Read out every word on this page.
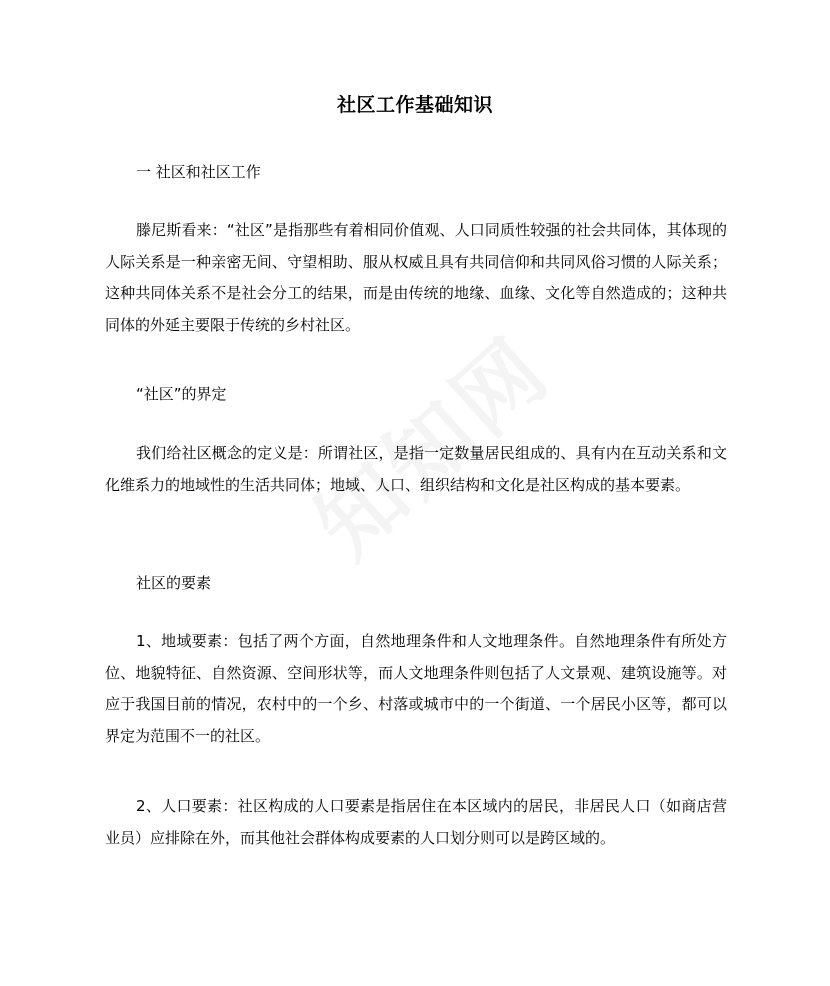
社区工作基础知识
一 社区和社区工作

滕尼斯看来：“社区”是指那些有着相同价值观、人口同质性较强的社会共同体，其体现的人际关系是一种亲密无间、守望相助、服从权威且具有共同信仰和共同风俗习惯的人际关系；这种共同体关系不是社会分工的结果，而是由传统的地缘、血缘、文化等自然造成的；这种共同体的外延主要限于传统的乡村社区。

“社区”的界定

我们给社区概念的定义是：所谓社区，是指一定数量居民组成的、具有内在互动关系和文化维系力的地域性的生活共同体；地域、人口、组织结构和文化是社区构成的基本要素。

社区的要素

1、地域要素：包括了两个方面，自然地理条件和人文地理条件。自然地理条件有所处方位、地貌特征、自然资源、空间形状等，而人文地理条件则包括了人文景观、建筑设施等。对应于我国目前的情况，农村中的一个乡、村落或城市中的一个街道、一个居民小区等，都可以界定为范围不一的社区。

2、人口要素：社区构成的人口要素是指居住在本区域内的居民，非居民人口（如商店营业员）应排除在外，而其他社会群体构成要素的人口划分则可以是跨区域的。
